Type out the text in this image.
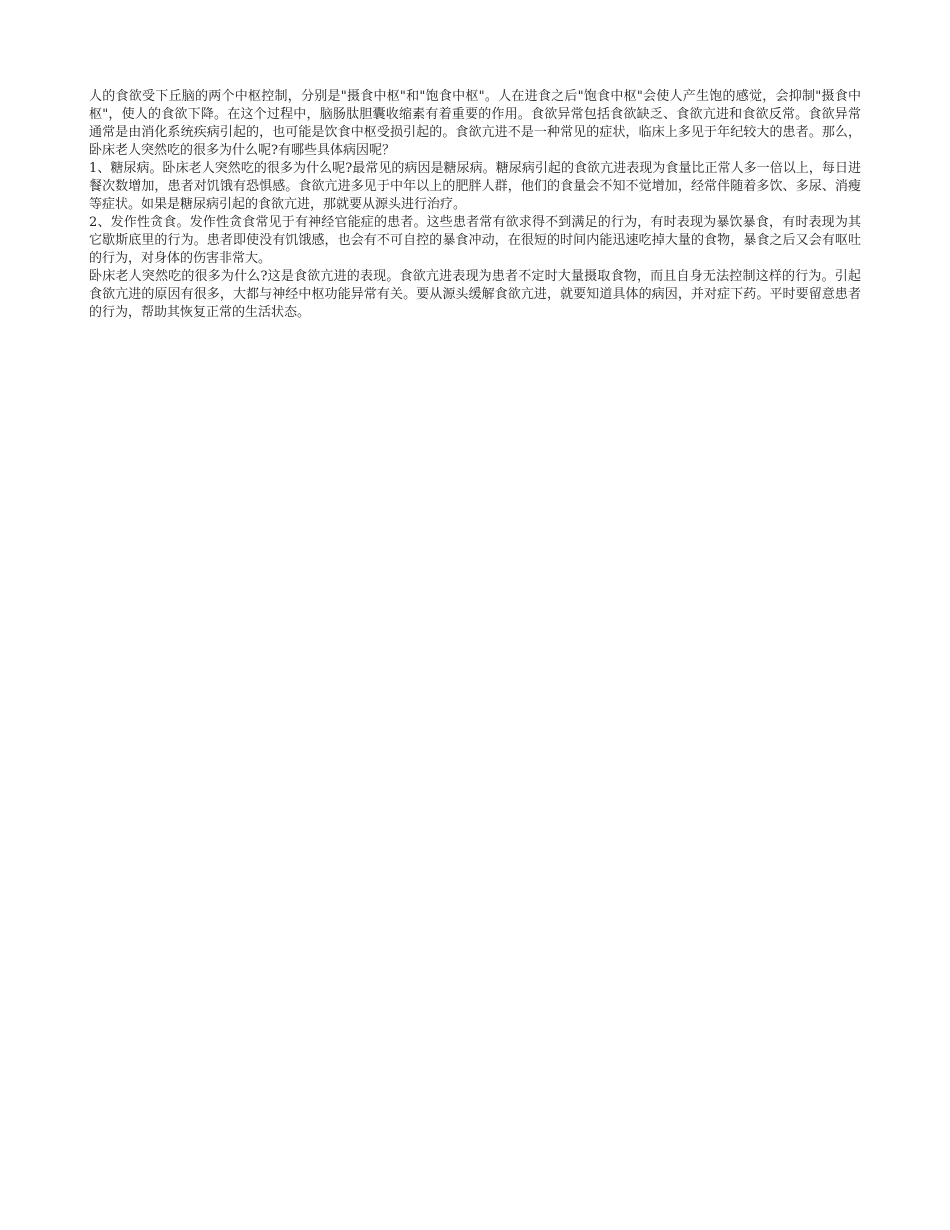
人的食欲受下丘脑的两个中枢控制，分别是"摄食中枢"和"饱食中枢"。人在进食之后"饱食中枢"会使人产生饱的感觉，会抑制"摄食中枢"，使人的食欲下降。在这个过程中，脑肠肽胆囊收缩素有着重要的作用。食欲异常包括食欲缺乏、食欲亢进和食欲反常。食欲异常通常是由消化系统疾病引起的，也可能是饮食中枢受损引起的。食欲亢进不是一种常见的症状，临床上多见于年纪较大的患者。那么，卧床老人突然吃的很多为什么呢?有哪些具体病因呢？

1、糖尿病。卧床老人突然吃的很多为什么呢?最常见的病因是糖尿病。糖尿病引起的食欲亢进表现为食量比正常人多一倍以上，每日进餐次数增加，患者对饥饿有恐惧感。食欲亢进多见于中年以上的肥胖人群，他们的食量会不知不觉增加，经常伴随着多饮、多尿、消瘦等症状。如果是糖尿病引起的食欲亢进，那就要从源头进行治疗。

2、发作性贪食。发作性贪食常见于有神经官能症的患者。这些患者常有欲求得不到满足的行为，有时表现为暴饮暴食，有时表现为其它歇斯底里的行为。患者即使没有饥饿感，也会有不可自控的暴食冲动，在很短的时间内能迅速吃掉大量的食物，暴食之后又会有呕吐的行为，对身体的伤害非常大。

卧床老人突然吃的很多为什么?这是食欲亢进的表现。食欲亢进表现为患者不定时大量摄取食物，而且自身无法控制这样的行为。引起食欲亢进的原因有很多，大都与神经中枢功能异常有关。要从源头缓解食欲亢进，就要知道具体的病因，并对症下药。平时要留意患者的行为，帮助其恢复正常的生活状态。
